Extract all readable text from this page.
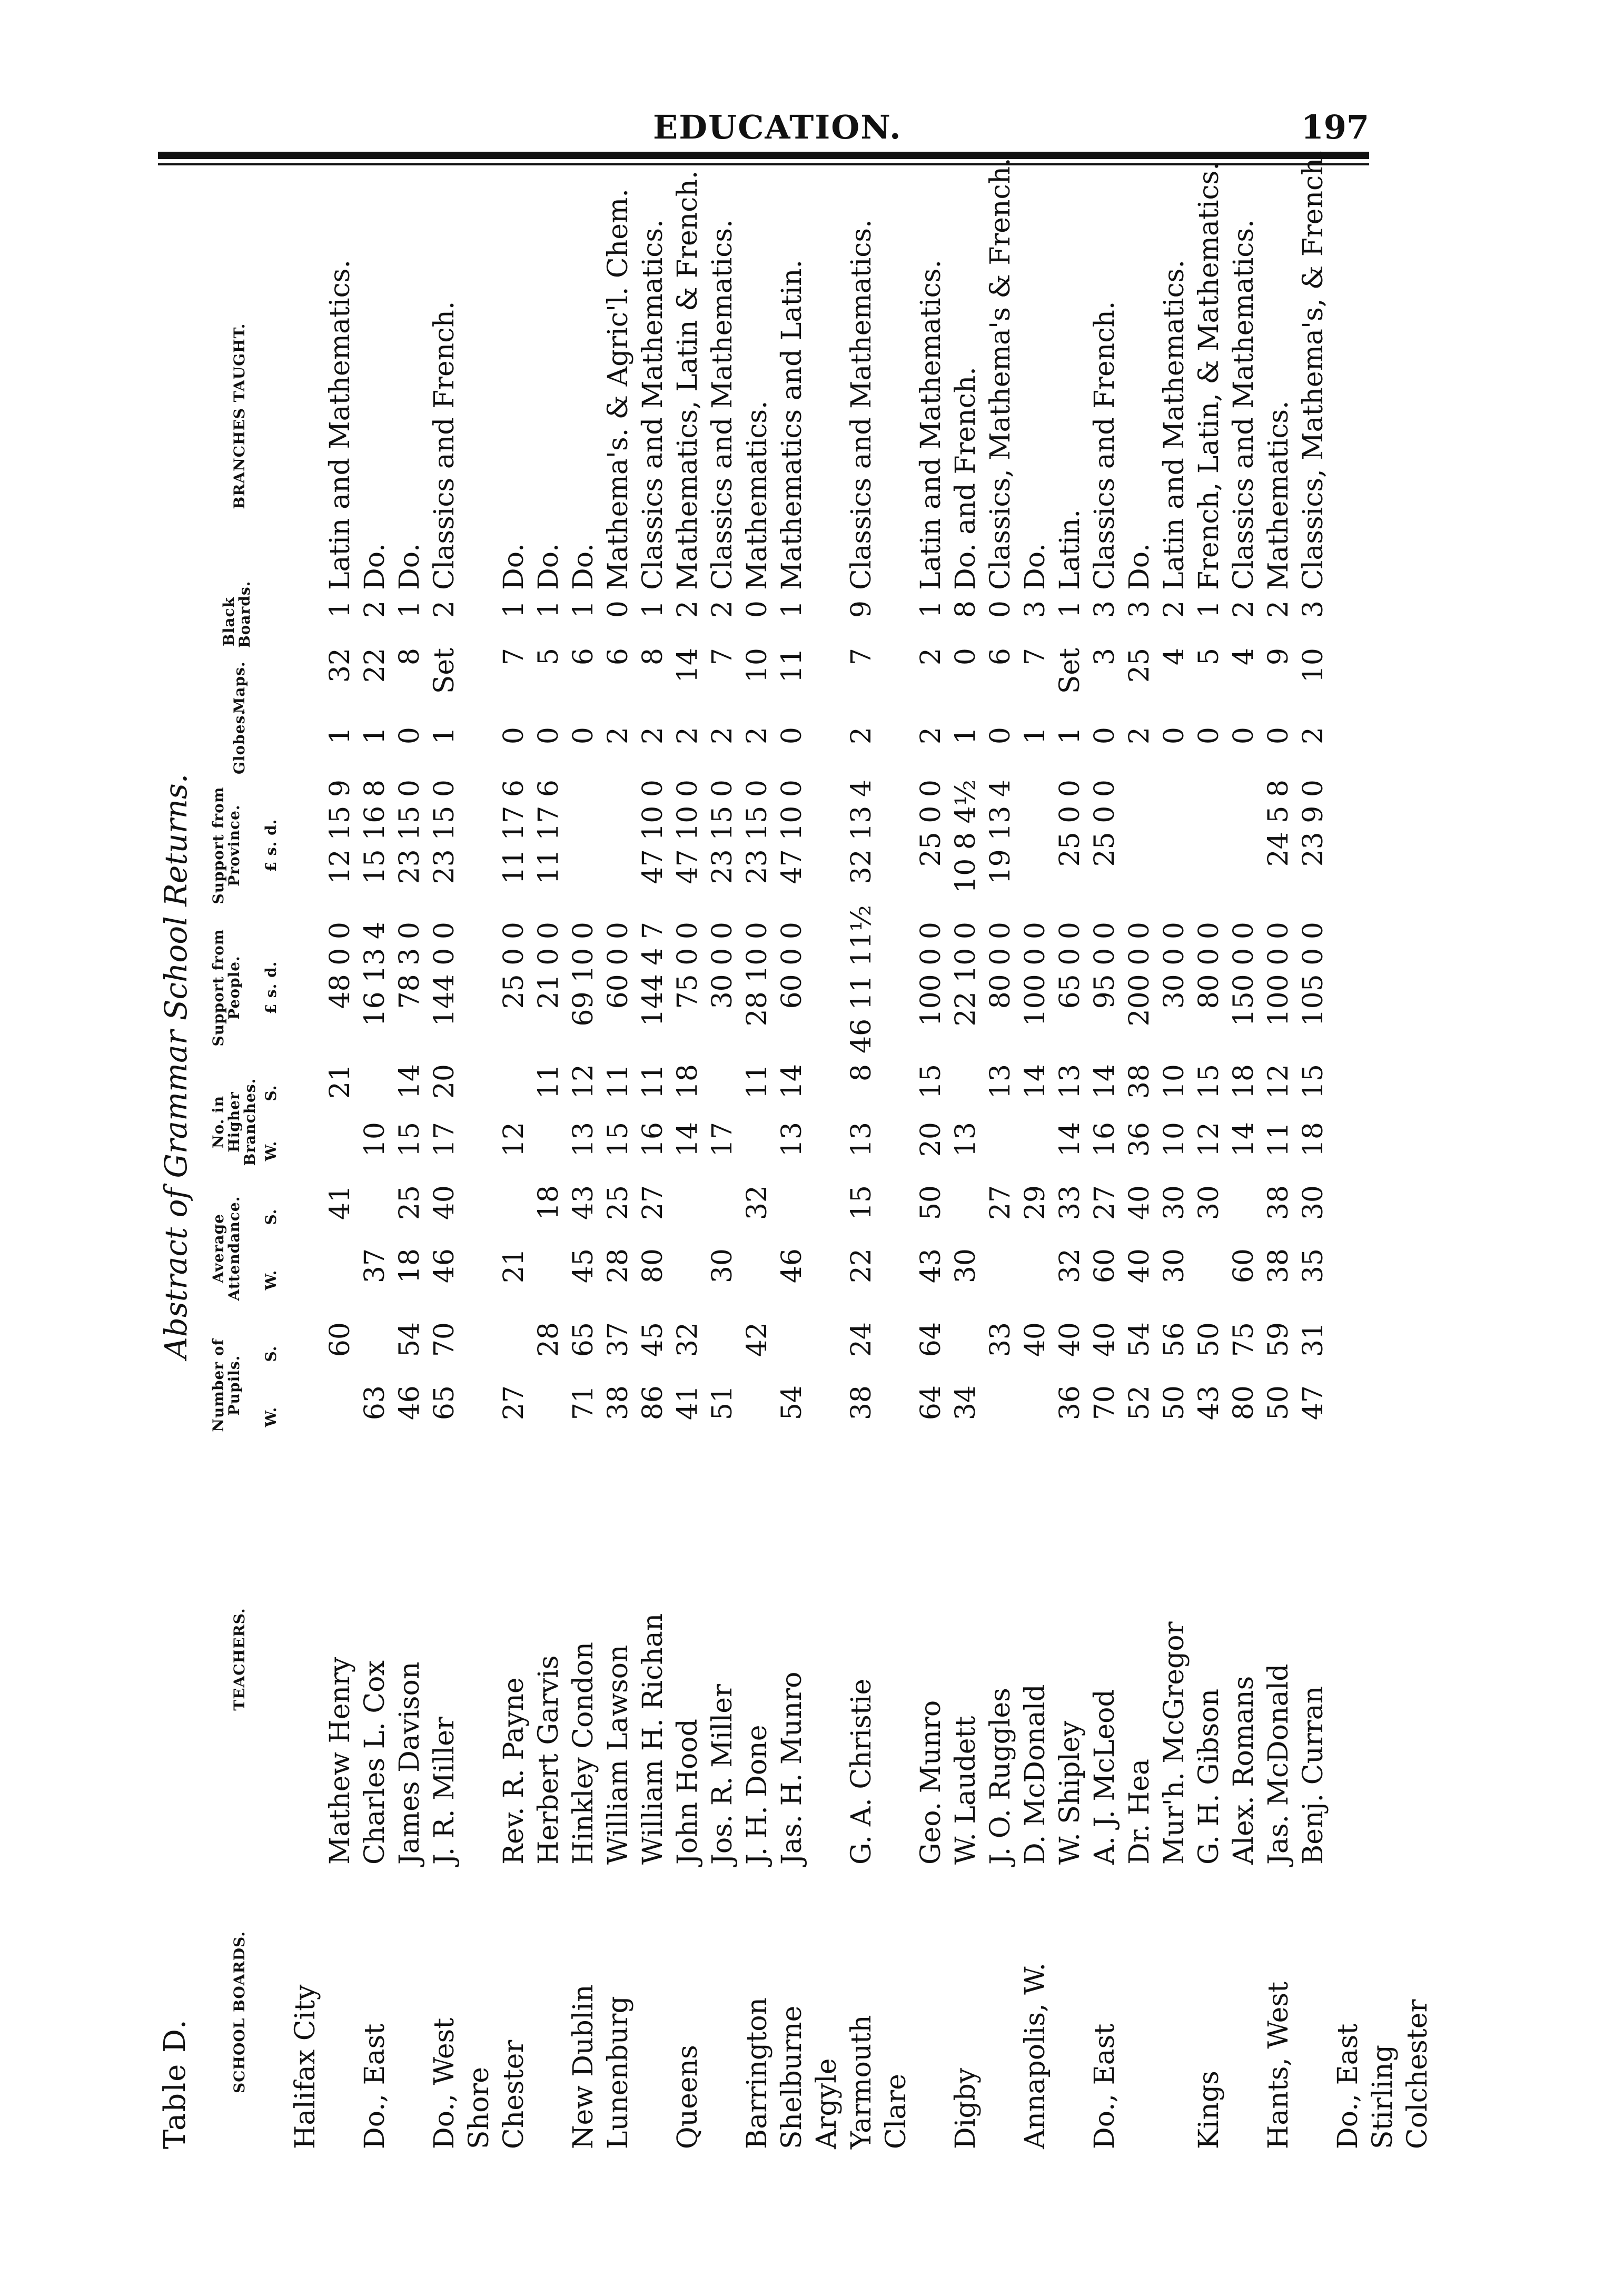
EDUCATION.	197
Table D.
Abstract of Grammar School Returns.
SCHOOL BOARDS.
TEACHERS.
Number of Pupils.
Average Attendance.
No. in Higher Branches.
Support from People.
Support from Province.
Globes.
Maps.
Black Boards.
BRANCHES TAUGHT.
W.
S.
W.
S.
W.
S.
£ s. d.
£ s. d.
Halifax City
Mathew Henry
60
41
21
48 0 0
12 15 9
1
32
1
Latin and Mathematics.
Do., East
Charles L. Cox
63
37
10
16 13 4
15 16 8
1
22
2
Do.
James Davison
46
54
18
25
15
14
78 3 0
23 15 0
0
8
1
Do.
Do., West
J. R. Miller
65
70
46
40
17
20
144 0 0
23 15 0
1
Set
2
Classics and French.
Shore Chester
Rev. R. Payne
27
21
12
25 0 0
11 17 6
0
7
1
Do.
Herbert Garvis
28
18
11
21 0 0
11 17 6
0
5
1
Do.
New Dublin
Hinkley Condon
71
65
45
43
13
12
69 10 0
0
6
1
Do.
Lunenburg
William Lawson
38
37
28
25
15
11
60 0 0
2
6
0
Mathema's. & Agric'l. Chem.
William H. Richan
86
45
80
27
16
11
144 4 7
47 10 0
2
8
1
Classics and Mathematics.
Queens
John Hood
41
32
14
18
75 0 0
47 10 0
2
14
2
Mathematics, Latin & French.
Jos. R. Miller
51
30
17
30 0 0
23 15 0
2
7
2
Classics and Mathematics.
Barrington
J. H. Done
42
32
11
28 10 0
23 15 0
2
10
0
Mathematics.
Shelburne
Jas. H. Munro
54
46
13
14
60 0 0
47 10 0
0
11
1
Mathematics and Latin.
Argyle Yarmouth
G. A. Christie
38
24
22
15
13
8
46 11 11½
32 13 4
2
7
9
Classics and Mathematics.
Clare
Geo. Munro
64
64
43
50
20
15
100 0 0
25 0 0
2
2
1
Latin and Mathematics.
Digby
W. Laudett
34
30
13
22 10 0
10 8 4½
1
0
8
Do. and French.
J. O. Ruggles
33
27
13
80 0 0
19 13 4
0
6
0
Classics, Mathema's & French.
Annapolis, W.
D. McDonald
40
29
14
100 0 0
1
7
3
Do.
W. Shipley
36
40
32
33
14
13
65 0 0
25 0 0
1
Set
1
Latin.
Do., East
A. J. McLeod
70
40
60
27
16
14
95 0 0
25 0 0
0
3
3
Classics and French.
Dr. Hea
52
54
40
40
36
38
200 0 0
2
25
3
Do.
Mur'h. McGregor
50
56
30
30
10
10
30 0 0
0
4
2
Latin and Mathematics.
Kings
G. H. Gibson
43
50
30
12
15
80 0 0
0
5
1
French, Latin, & Mathematics.
Alex. Romans
80
75
60
14
18
150 0 0
0
4
2
Classics and Mathematics.
Hants, West
Jas. McDonald
50
59
38
38
11
12
100 0 0
24 5 8
0
9
2
Mathematics.
Benj. Curran
47
31
35
30
18
15
105 0 0
23 9 0
2
10
3
Classics, Mathema's, & French.
Do., East Stirling Colchester
